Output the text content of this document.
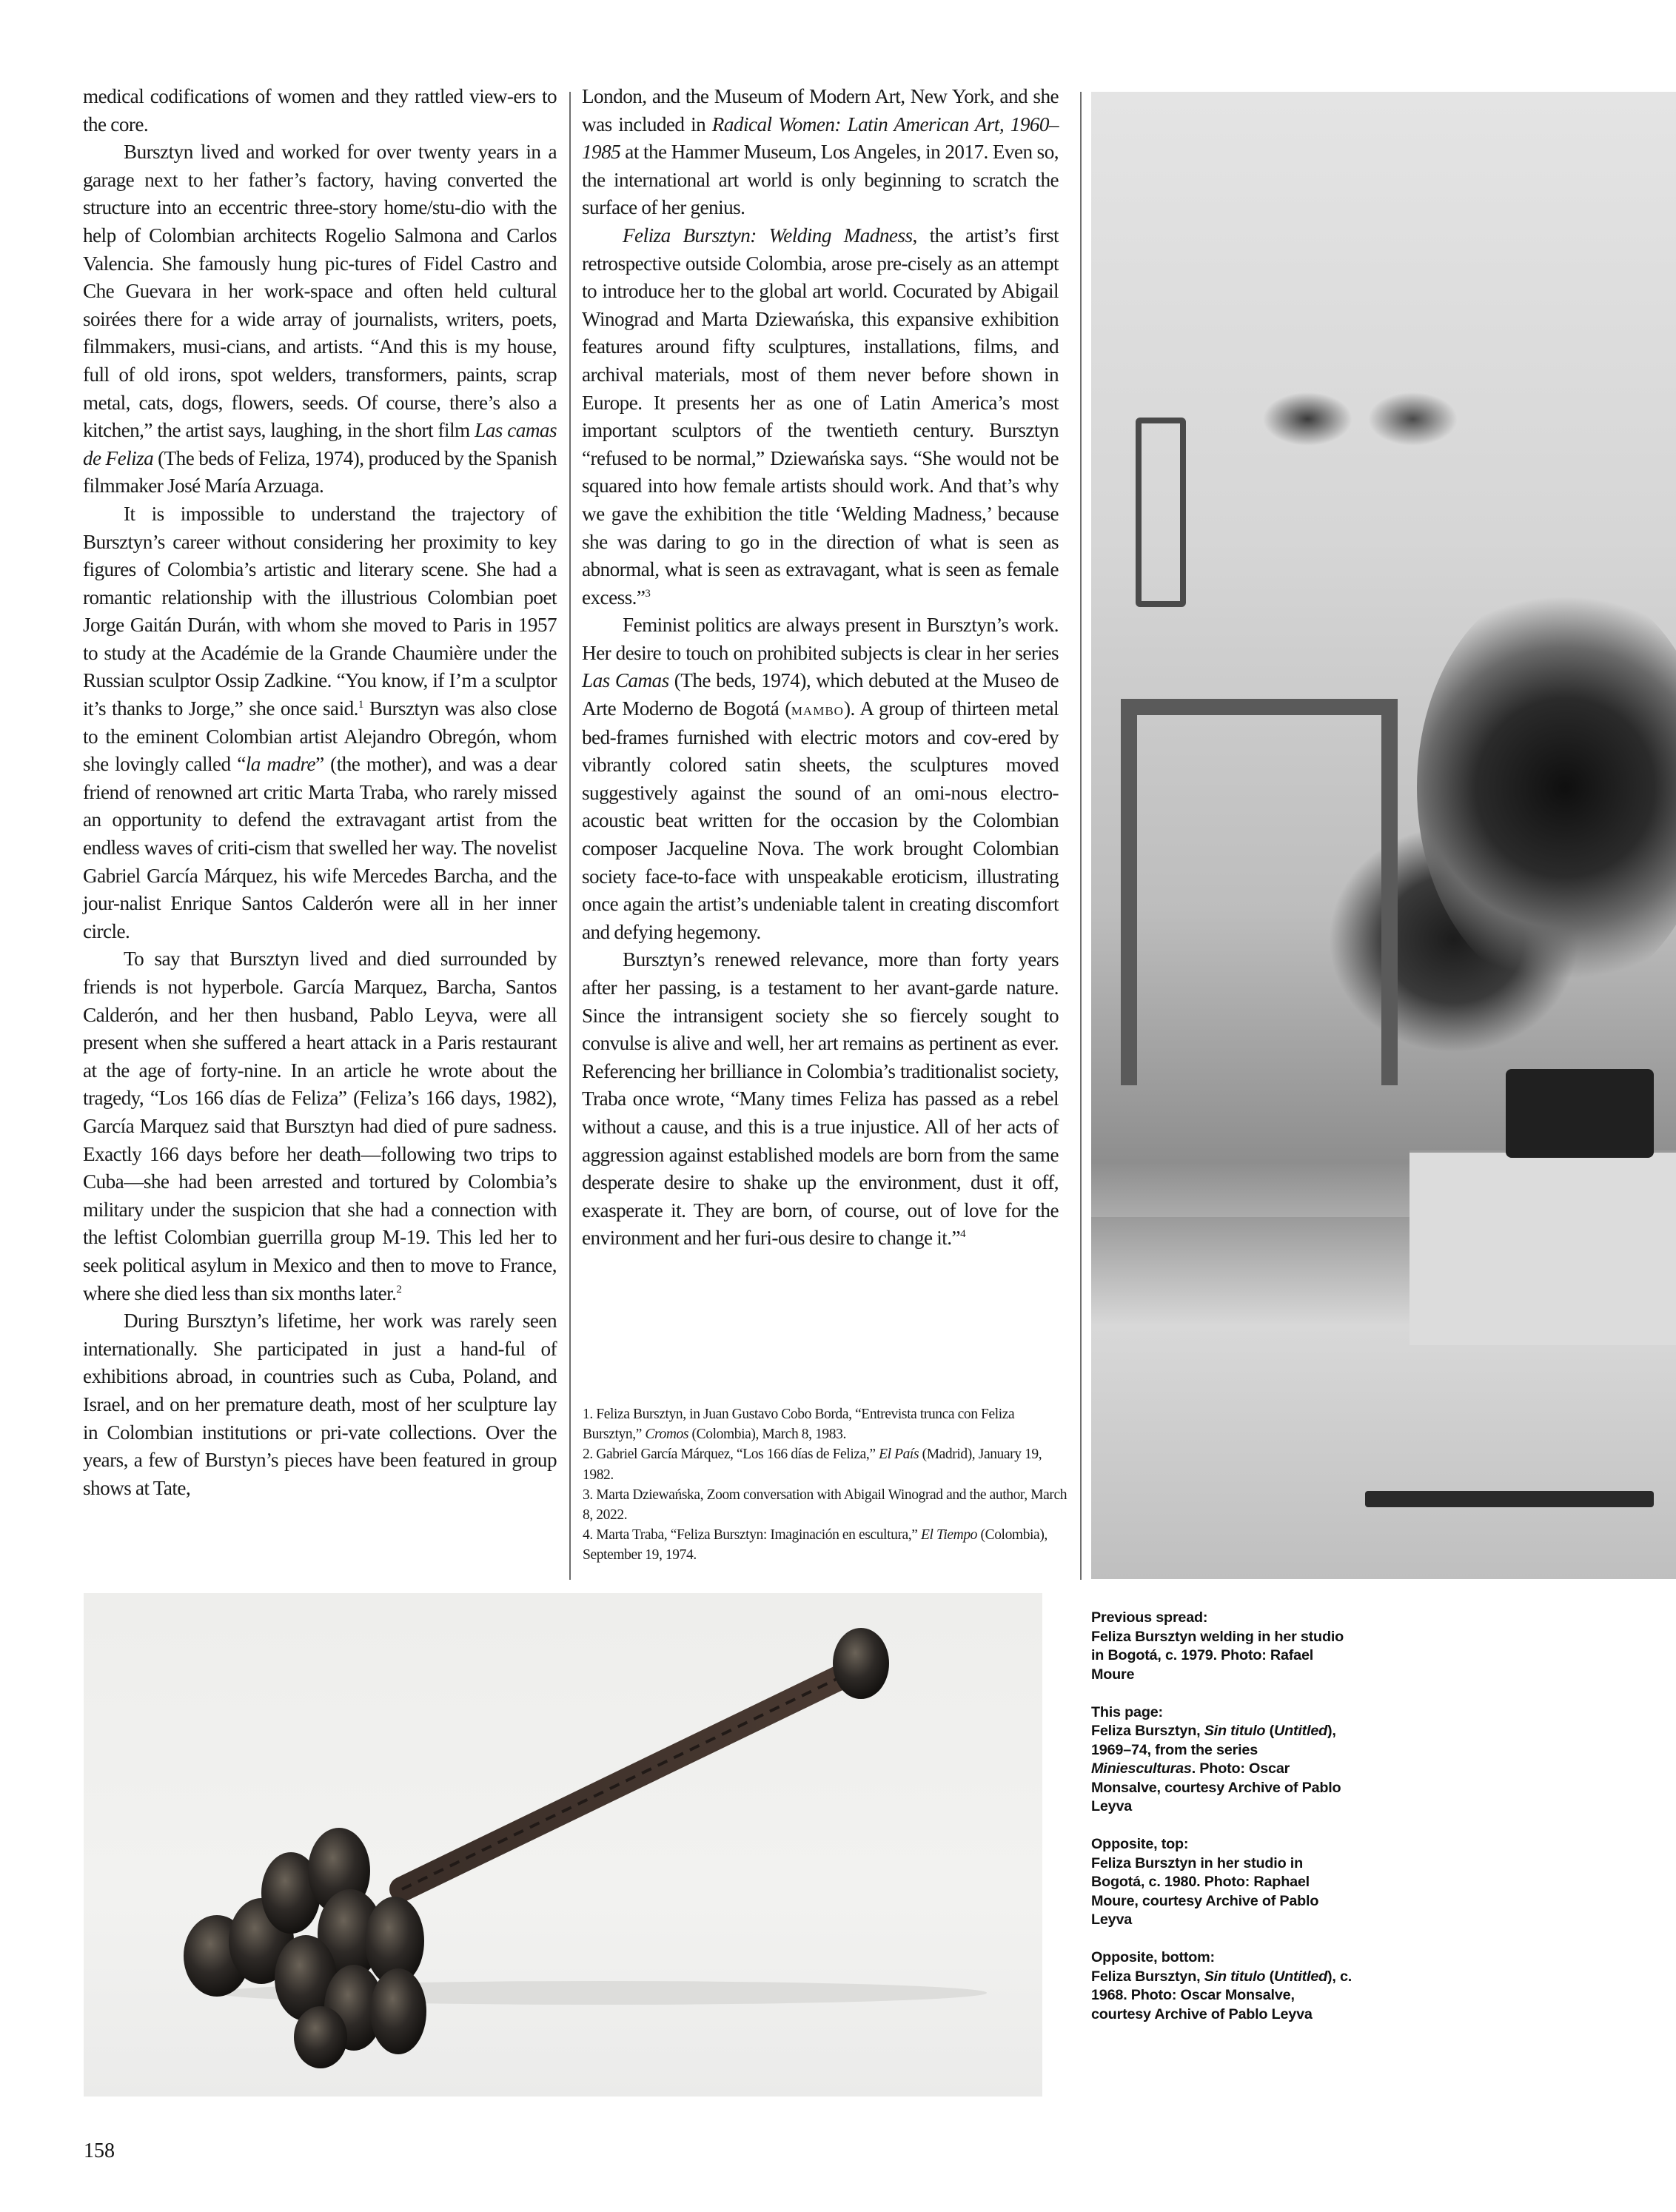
medical codifications of women and they rattled view-ers to the core.

Bursztyn lived and worked for over twenty years in a garage next to her father’s factory, having converted the structure into an eccentric three-story home/stu-dio with the help of Colombian architects Rogelio Salmona and Carlos Valencia. She famously hung pic-tures of Fidel Castro and Che Guevara in her work-space and often held cultural soirées there for a wide array of journalists, writers, poets, filmmakers, musi-cians, and artists. “And this is my house, full of old irons, spot welders, transformers, paints, scrap metal, cats, dogs, flowers, seeds. Of course, there’s also a kitchen,” the artist says, laughing, in the short film Las camas de Feliza (The beds of Feliza, 1974), produced by the Spanish filmmaker José María Arzuaga.

It is impossible to understand the trajectory of Bursztyn’s career without considering her proximity to key figures of Colombia’s artistic and literary scene. She had a romantic relationship with the illustrious Colombian poet Jorge Gaitán Durán, with whom she moved to Paris in 1957 to study at the Académie de la Grande Chaumière under the Russian sculptor Ossip Zadkine. “You know, if I’m a sculptor it’s thanks to Jorge,” she once said.$^1$ Bursztyn was also close to the eminent Colombian artist Alejandro Obregón, whom she lovingly called “la madre” (the mother), and was a dear friend of renowned art critic Marta Traba, who rarely missed an opportunity to defend the extravagant artist from the endless waves of criti-cism that swelled her way. The novelist Gabriel García Márquez, his wife Mercedes Barcha, and the jour-nalist Enrique Santos Calderón were all in her inner circle.

To say that Bursztyn lived and died surrounded by friends is not hyperbole. García Marquez, Barcha, Santos Calderón, and her then husband, Pablo Leyva, were all present when she suffered a heart attack in a Paris restaurant at the age of forty-nine. In an article he wrote about the tragedy, “Los 166 días de Feliza” (Feliza’s 166 days, 1982), García Marquez said that Bursztyn had died of pure sadness. Exactly 166 days before her death—following two trips to Cuba—she had been arrested and tortured by Colombia’s military under the suspicion that she had a connection with the leftist Colombian guerrilla group M-19. This led her to seek political asylum in Mexico and then to move to France, where she died less than six months later.$^2$

During Bursztyn’s lifetime, her work was rarely seen internationally. She participated in just a hand-ful of exhibitions abroad, in countries such as Cuba, Poland, and Israel, and on her premature death, most of her sculpture lay in Colombian institutions or pri-vate collections. Over the years, a few of Burstyn’s pieces have been featured in group shows at Tate,

London, and the Museum of Modern Art, New York, and she was included in Radical Women: Latin American Art, 1960–1985 at the Hammer Museum, Los Angeles, in 2017. Even so, the international art world is only beginning to scratch the surface of her genius.

Feliza Bursztyn: Welding Madness, the artist’s first retrospective outside Colombia, arose pre-cisely as an attempt to introduce her to the global art world. Cocurated by Abigail Winograd and Marta Dziewańska, this expansive exhibition features around fifty sculptures, installations, films, and archival materials, most of them never before shown in Europe. It presents her as one of Latin America’s most important sculptors of the twentieth century. Bursztyn “refused to be normal,” Dziewańska says. “She would not be squared into how female artists should work. And that’s why we gave the exhibition the title ‘Welding Madness,’ because she was daring to go in the direction of what is seen as abnormal, what is seen as extravagant, what is seen as female excess.”$^3$

Feminist politics are always present in Bursztyn’s work. Her desire to touch on prohibited subjects is clear in her series Las Camas (The beds, 1974), which debuted at the Museo de Arte Moderno de Bogotá (mambo). A group of thirteen metal bed-frames furnished with electric motors and cov-ered by vibrantly colored satin sheets, the sculptures moved suggestively against the sound of an omi-nous electro-acoustic beat written for the occasion by the Colombian composer Jacqueline Nova. The work brought Colombian society face-to-face with unspeakable eroticism, illustrating once again the artist’s undeniable talent in creating discomfort and defying hegemony.

Bursztyn’s renewed relevance, more than forty years after her passing, is a testament to her avant-garde nature. Since the intransigent society she so fiercely sought to convulse is alive and well, her art remains as pertinent as ever. Referencing her brilliance in Colombia’s traditionalist society, Traba once wrote, “Many times Feliza has passed as a rebel without a cause, and this is a true injustice. All of her acts of aggression against established models are born from the same desperate desire to shake up the environment, dust it off, exasperate it. They are born, of course, out of love for the environment and her furi-ous desire to change it.”$^4$

1. Feliza Bursztyn, in Juan Gustavo Cobo Borda, “Entrevista trunca con Feliza Bursztyn,” Cromos (Colombia), March 8, 1983.
2. Gabriel García Márquez, “Los 166 días de Feliza,” El País (Madrid), January 19, 1982.
3. Marta Dziewańska, Zoom conversation with Abigail Winograd and the author, March 8, 2022.
4. Marta Traba, “Feliza Bursztyn: Imaginación en escultura,” El Tiempo (Colombia), September 19, 1974.
Previous spread:
Feliza Bursztyn welding in her studio in Bogotá, c. 1979. Photo: Rafael Moure
This page:
Feliza Bursztyn, Sin titulo (Untitled), 1969–74, from the series Miniesculturas. Photo: Oscar Monsalve, courtesy Archive of Pablo Leyva
Opposite, top:
Feliza Bursztyn in her studio in Bogotá, c. 1980. Photo: Raphael Moure, courtesy Archive of Pablo Leyva
Opposite, bottom:
Feliza Bursztyn, Sin titulo (Untitled), c. 1968. Photo: Oscar Monsalve, courtesy Archive of Pablo Leyva
158
